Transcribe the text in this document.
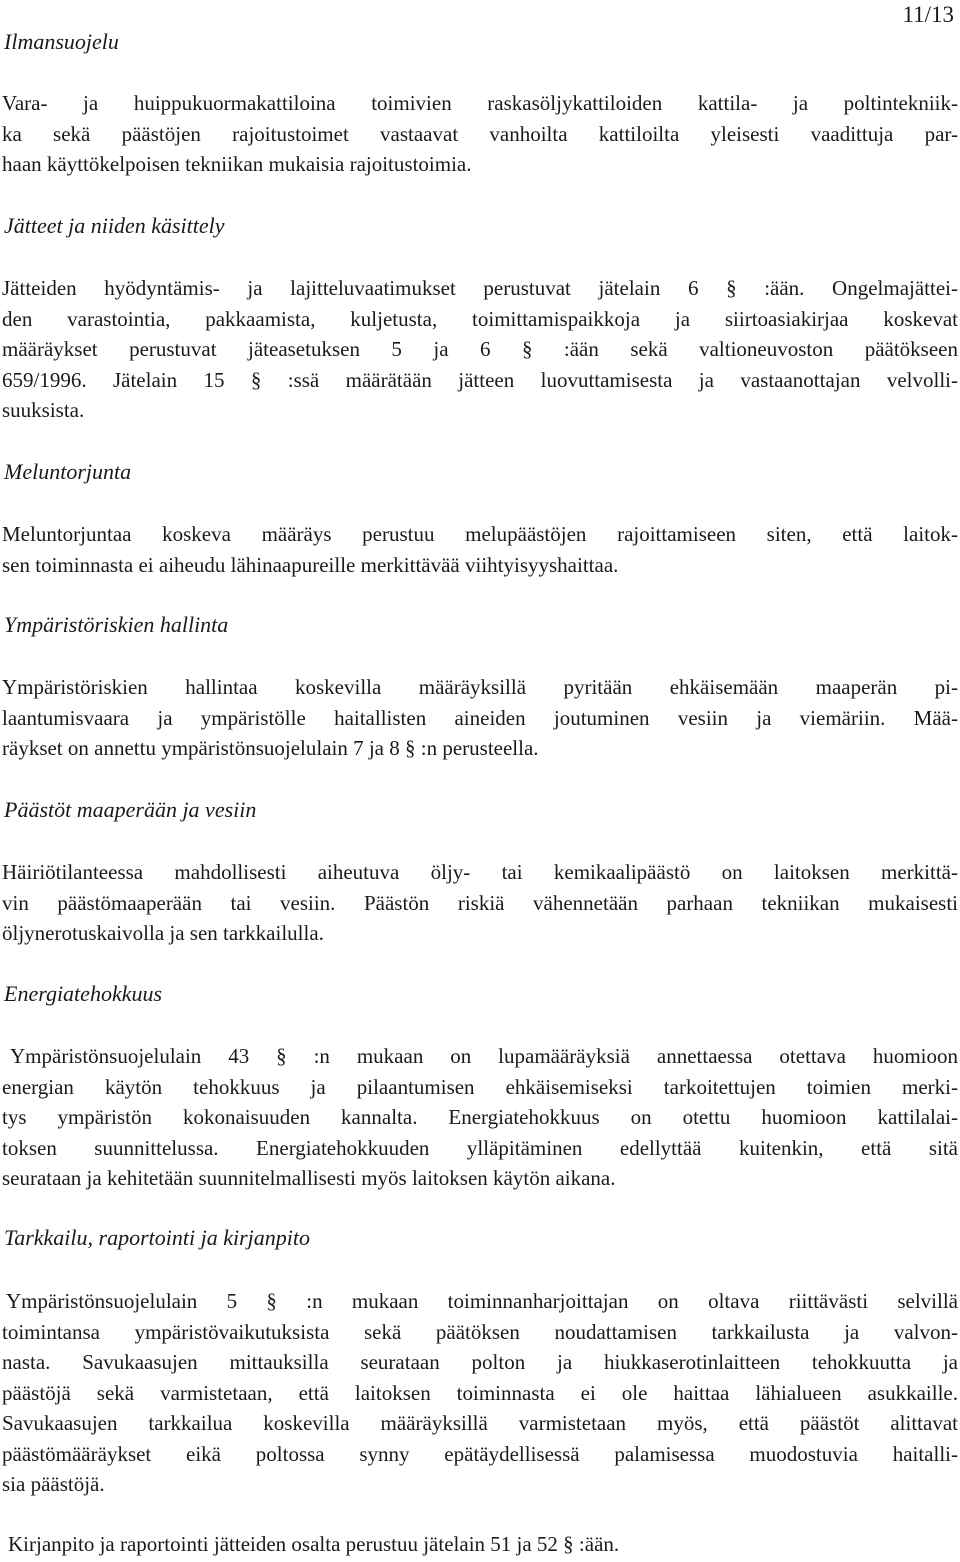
11/13
Ilmansuojelu
Vara- ja huippukuormakattiloina toimivien raskasöljykattiloiden kattila- ja poltintekniik-
ka sekä päästöjen rajoitustoimet vastaavat vanhoilta kattiloilta yleisesti vaadittuja par-
haan käyttökelpoisen tekniikan mukaisia rajoitustoimia.
Jätteet ja niiden käsittely
Jätteiden hyödyntämis- ja lajitteluvaatimukset perustuvat jätelain 6 § :ään. Ongelmajättei-
den varastointia, pakkaamista, kuljetusta, toimittamispaikkoja ja siirtoasiakirjaa koskevat
määräykset perustuvat jäteasetuksen 5 ja 6 § :ään sekä valtioneuvoston päätökseen
659/1996. Jätelain 15 § :ssä määrätään jätteen luovuttamisesta ja vastaanottajan velvolli-
suuksista.
Meluntorjunta
Meluntorjuntaa koskeva määräys perustuu melupäästöjen rajoittamiseen siten, että laitok-
sen toiminnasta ei aiheudu lähinaapureille merkittävää viihtyisyyshaittaa.
Ympäristöriskien hallinta
Ympäristöriskien hallintaa koskevilla määräyksillä pyritään ehkäisemään maaperän pi-
laantumisvaara ja ympäristölle haitallisten aineiden joutuminen vesiin ja viemäriin. Mää-
räykset on annettu ympäristönsuojelulain 7 ja 8 § :n perusteella.
Päästöt maaperään ja vesiin
Häiriötilanteessa mahdollisesti aiheutuva öljy- tai kemikaalipäästö on laitoksen merkittä-
vin päästömaaperään tai vesiin. Päästön riskiä vähennetään parhaan tekniikan mukaisesti
öljynerotuskaivolla ja sen tarkkailulla.
Energiatehokkuus
Ympäristönsuojelulain 43 § :n mukaan on lupamääräyksiä annettaessa otettava huomioon
energian käytön tehokkuus ja pilaantumisen ehkäisemiseksi tarkoitettujen toimien merki-
tys ympäristön kokonaisuuden kannalta. Energiatehokkuus on otettu huomioon kattilalai-
toksen suunnittelussa. Energiatehokkuuden ylläpitäminen edellyttää kuitenkin, että sitä
seurataan ja kehitetään suunnitelmallisesti myös laitoksen käytön aikana.
Tarkkailu, raportointi ja kirjanpito
Ympäristönsuojelulain 5 § :n mukaan toiminnanharjoittajan on oltava riittävästi selvillä
toimintansa ympäristövaikutuksista sekä päätöksen noudattamisen tarkkailusta ja valvon-
nasta. Savukaasujen mittauksilla seurataan polton ja hiukkaserotinlaitteen tehokkuutta ja
päästöjä sekä varmistetaan, että laitoksen toiminnasta ei ole haittaa lähialueen asukkaille.
Savukaasujen tarkkailua koskevilla määräyksillä varmistetaan myös, että päästöt alittavat
päästömääräykset eikä poltossa synny epätäydellisessä palamisessa muodostuvia haitalli-
sia päästöjä.
Kirjanpito ja raportointi jätteiden osalta perustuu jätelain 51 ja 52 § :ään.
